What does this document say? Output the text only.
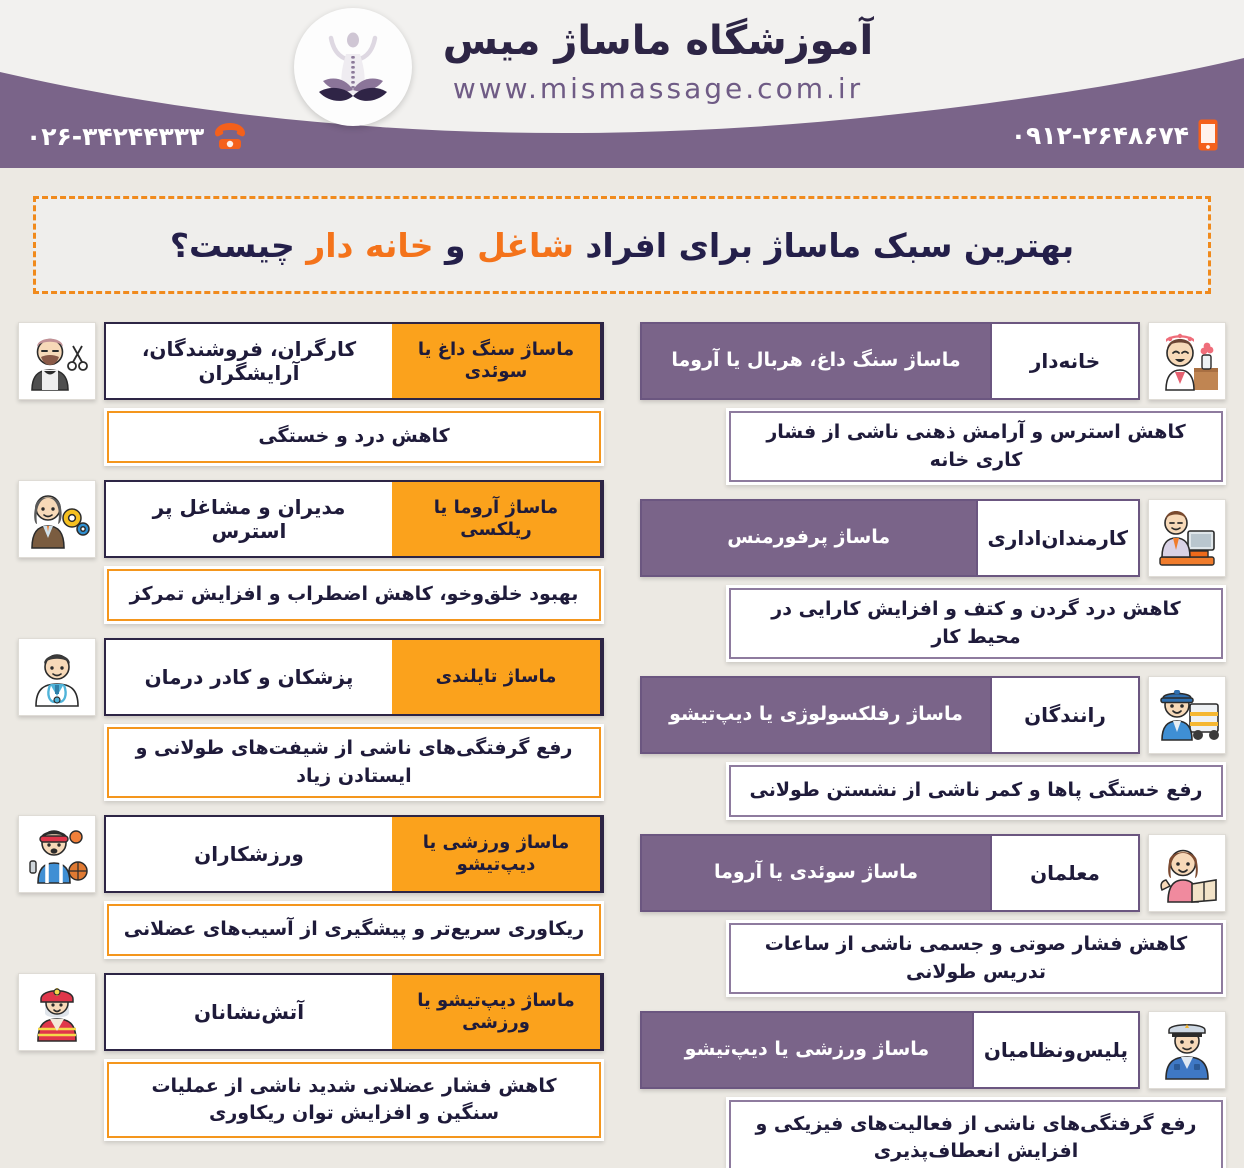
آموزشگاه ماساژ میس
www.mismassage.com.ir
۰۹۱۲-۲۶۴۸۶۷۴
۰۲۶-۳۴۲۴۴۳۳۳
بهترین سبک ماساژ برای افراد شاغل و خانه دار چیست؟
خانه‌دار
ماساژ سنگ داغ، هربال یا آروما
کاهش استرس و آرامش ذهنی ناشی از فشار کاری خانه
کارمندان‌اداری
ماساژ پرفورمنس
کاهش درد گردن و کتف و افزایش کارایی در محیط کار
رانندگان
ماساژ رفلکسولوژی یا دیپ‌تیشو
رفع خستگی پاها و کمر ناشی از نشستن طولانی
معلمان
ماساژ سوئدی یا آروما
کاهش فشار صوتی و جسمی ناشی از ساعات تدریس طولانی
پلیس‌ونظامیان
ماساژ ورزشی یا دیپ‌تیشو
رفع گرفتگی‌های ناشی از فعالیت‌های فیزیکی و افزایش انعطاف‌پذیری
ماساژ سنگ داغ یا سوئدی
کارگران، فروشندگان، آرایشگران
کاهش درد و خستگی
ماساژ آروما یا ریلکسی
مدیران و مشاغل پر استرس
بهبود خلق‌وخو، کاهش اضطراب و افزایش تمرکز
ماساژ تایلندی
پزشکان و کادر درمان
رفع گرفتگی‌های ناشی از شیفت‌های طولانی و ایستادن زیاد
ماساژ ورزشی یا دیپ‌تیشو
ورزشکاران
ریکاوری سریع‌تر و پیشگیری از آسیب‌های عضلانی
ماساژ دیپ‌تیشو یا ورزشی
آتش‌نشانان
کاهش فشار عضلانی شدید ناشی از عملیات سنگین و افزایش توان ریکاوری
